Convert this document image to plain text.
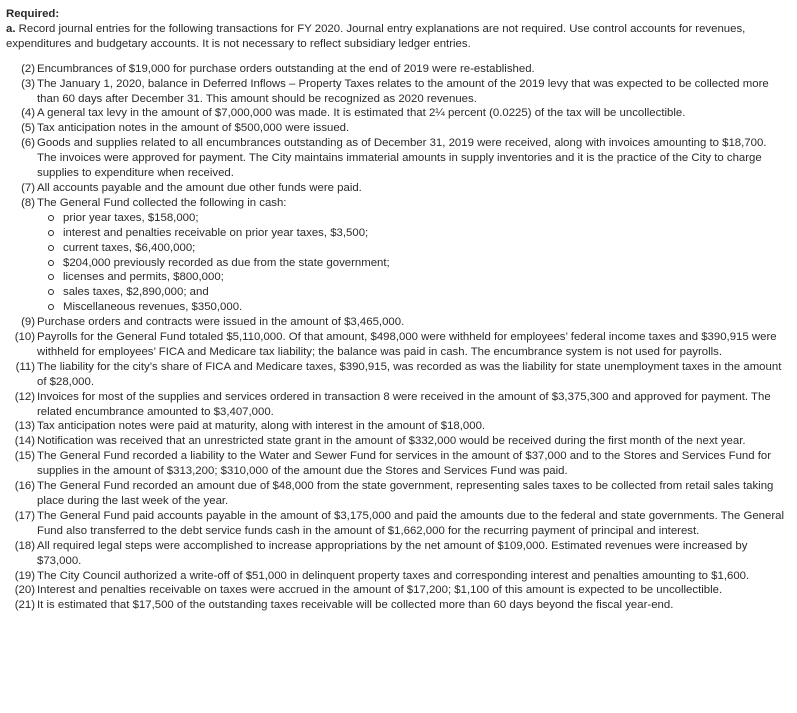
Required:

a. Record journal entries for the following transactions for FY 2020. Journal entry explanations are not required. Use control accounts for revenues, expenditures and budgetary accounts. It is not necessary to reflect subsidiary ledger entries.

(2) Encumbrances of $19,000 for purchase orders outstanding at the end of 2019 were re-established.
(3) The January 1, 2020, balance in Deferred Inflows – Property Taxes relates to the amount of the 2019 levy that was expected to be collected more than 60 days after December 31. This amount should be recognized as 2020 revenues.
(4) A general tax levy in the amount of $7,000,000 was made. It is estimated that 2¼ percent (0.0225) of the tax will be uncollectible.
(5) Tax anticipation notes in the amount of $500,000 were issued.
(6) Goods and supplies related to all encumbrances outstanding as of December 31, 2019 were received, along with invoices amounting to $18,700. The invoices were approved for payment. The City maintains immaterial amounts in supply inventories and it is the practice of the City to charge supplies to expenditure when received.
(7) All accounts payable and the amount due other funds were paid.
(8) The General Fund collected the following in cash:
prior year taxes, $158,000;
interest and penalties receivable on prior year taxes, $3,500;
current taxes, $6,400,000;
$204,000 previously recorded as due from the state government;
licenses and permits, $800,000;
sales taxes, $2,890,000; and
Miscellaneous revenues, $350,000.
(9) Purchase orders and contracts were issued in the amount of $3,465,000.
(10) Payrolls for the General Fund totaled $5,110,000. Of that amount, $498,000 were withheld for employees’ federal income taxes and $390,915 were withheld for employees’ FICA and Medicare tax liability; the balance was paid in cash. The encumbrance system is not used for payrolls.
(11) The liability for the city’s share of FICA and Medicare taxes, $390,915, was recorded as was the liability for state unemployment taxes in the amount of $28,000.
(12) Invoices for most of the supplies and services ordered in transaction 8 were received in the amount of $3,375,300 and approved for payment. The related encumbrance amounted to $3,407,000.
(13) Tax anticipation notes were paid at maturity, along with interest in the amount of $18,000.
(14) Notification was received that an unrestricted state grant in the amount of $332,000 would be received during the first month of the next year.
(15) The General Fund recorded a liability to the Water and Sewer Fund for services in the amount of $37,000 and to the Stores and Services Fund for supplies in the amount of $313,200; $310,000 of the amount due the Stores and Services Fund was paid.
(16) The General Fund recorded an amount due of $48,000 from the state government, representing sales taxes to be collected from retail sales taking place during the last week of the year.
(17) The General Fund paid accounts payable in the amount of $3,175,000 and paid the amounts due to the federal and state governments. The General Fund also transferred to the debt service funds cash in the amount of $1,662,000 for the recurring payment of principal and interest.
(18) All required legal steps were accomplished to increase appropriations by the net amount of $109,000. Estimated revenues were increased by $73,000.
(19) The City Council authorized a write-off of $51,000 in delinquent property taxes and corresponding interest and penalties amounting to $1,600.
(20) Interest and penalties receivable on taxes were accrued in the amount of $17,200; $1,100 of this amount is expected to be uncollectible.
(21) It is estimated that $17,500 of the outstanding taxes receivable will be collected more than 60 days beyond the fiscal year-end.
